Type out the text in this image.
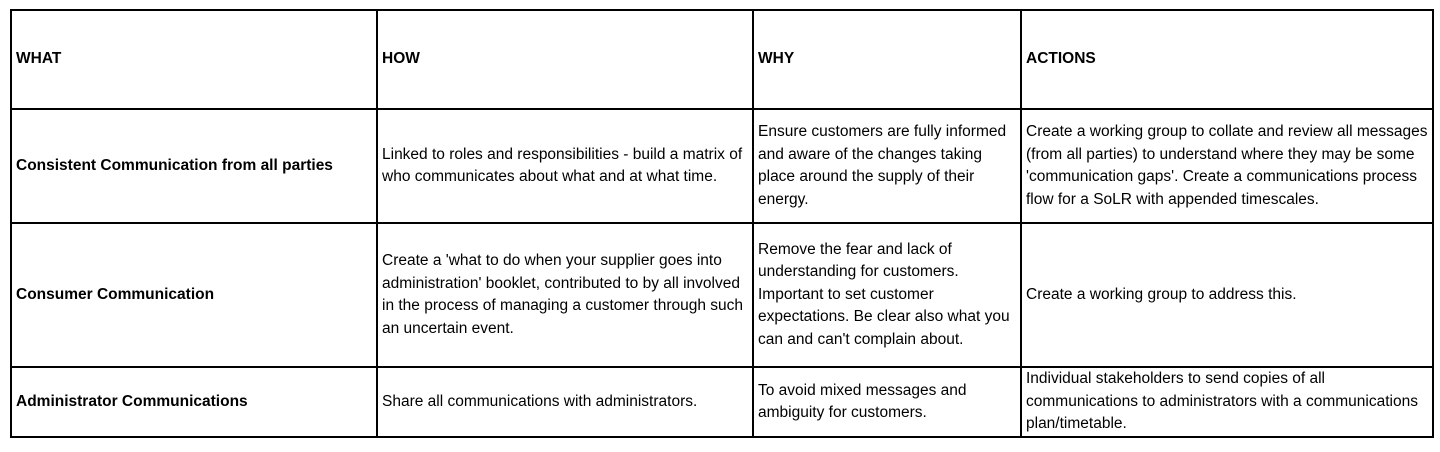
WHAT	HOW	WHY	ACTIONS
Consistent Communication from all parties	Linked to roles and responsibilities - build a matrix of who communicates about what and at what time.	Ensure customers are fully informed and aware of the changes taking place around the supply of their energy.	Create a working group to collate and review all messages (from all parties) to understand where they may be some 'communication gaps'. Create a communications process flow for a SoLR with appended timescales.
Consumer Communication	Create a 'what to do when your supplier goes into administration' booklet, contributed to by all involved in the process of managing a customer through such an uncertain event.	Remove the fear and lack of understanding for customers. Important to set customer expectations. Be clear also what you can and can't complain about.	Create a working group to address this.
Administrator Communications	Share all communications with administrators.	To avoid mixed messages and ambiguity for customers.	Individual stakeholders to send copies of all communications to administrators with a communications plan/timetable.
